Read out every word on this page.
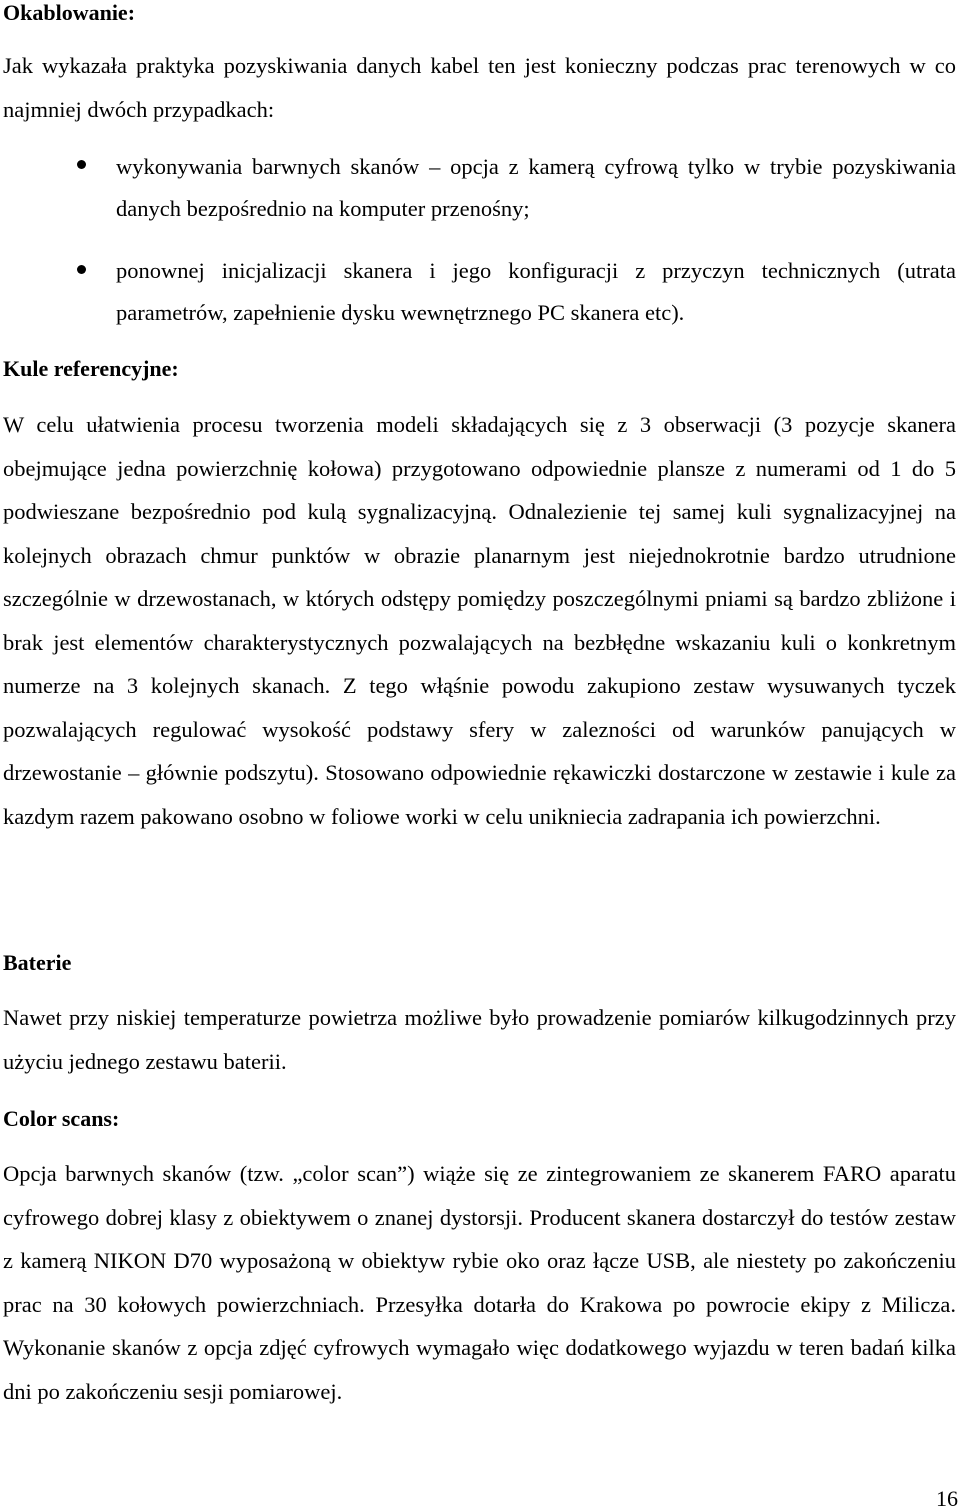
Okablowanie:
Jak wykazała praktyka pozyskiwania danych kabel ten jest konieczny podczas prac terenowych w co najmniej dwóch przypadkach:
wykonywania barwnych skanów – opcja z kamerą cyfrową tylko w trybie pozyskiwania danych bezpośrednio na komputer przenośny;
ponownej inicjalizacji skanera i jego konfiguracji z przyczyn technicznych (utrata parametrów, zapełnienie dysku wewnętrznego PC skanera etc).
Kule referencyjne:
W celu ułatwienia procesu tworzenia modeli składających się z 3 obserwacji (3 pozycje skanera obejmujące jedna powierzchnię kołowa) przygotowano odpowiednie plansze z numerami od 1 do 5 podwieszane bezpośrednio pod kulą sygnalizacyjną. Odnalezienie tej samej kuli sygnalizacyjnej na kolejnych obrazach chmur punktów w obrazie planarnym jest niejednokrotnie bardzo utrudnione szczególnie w drzewostanach, w których odstępy pomiędzy poszczególnymi pniami są bardzo zbliżone i brak jest elementów charakterystycznych pozwalających na bezbłędne wskazaniu kuli o konkretnym numerze na 3 kolejnych skanach. Z tego włąśnie powodu zakupiono zestaw wysuwanych tyczek pozwalających regulować wysokość podstawy sfery w zalezności od warunków panujących w drzewostanie – głównie podszytu). Stosowano odpowiednie rękawiczki dostarczone w zestawie i kule za kazdym razem pakowano osobno w foliowe worki w celu unikniecia zadrapania ich powierzchni.
Baterie
Nawet przy niskiej temperaturze powietrza możliwe było prowadzenie pomiarów kilkugodzinnych przy użyciu jednego zestawu baterii.
Color scans:
Opcja barwnych skanów (tzw. „color scan”) wiąże się ze zintegrowaniem ze skanerem FARO aparatu cyfrowego dobrej klasy z obiektywem o znanej dystorsji. Producent skanera dostarczył do testów zestaw z kamerą NIKON D70 wyposażoną w obiektyw rybie oko oraz łącze USB, ale niestety po zakończeniu prac na 30 kołowych powierzchniach. Przesyłka dotarła do Krakowa po powrocie ekipy z Milicza. Wykonanie skanów z opcja zdjęć cyfrowych wymagało więc dodatkowego wyjazdu w teren badań kilka dni po zakończeniu sesji pomiarowej.
16
